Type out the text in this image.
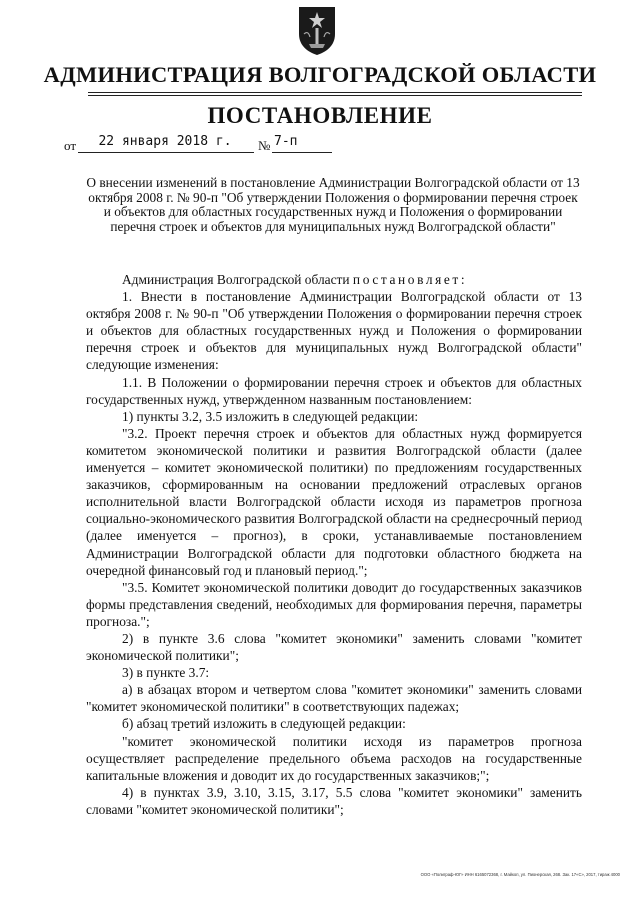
АДМИНИСТРАЦИЯ ВОЛГОГРАДСКОЙ ОБЛАСТИ
ПОСТАНОВЛЕНИЕ
от	22 января 2018 г.	№ 7-п
О внесении изменений в постановление Администрации Волгоградской области от 13 октября 2008 г. № 90-п "Об утверждении Положения о формировании перечня строек и объектов для областных государственных нужд и Положения о формировании перечня строек и объектов для муниципальных нужд Волгоградской области"

Администрация Волгоградской области постановляет:

1. Внести в постановление Администрации Волгоградской области от 13 октября 2008 г. № 90-п "Об утверждении Положения о формировании перечня строек и объектов для областных государственных нужд и Положения о формировании перечня строек и объектов для муниципальных нужд Волгоградской области" следующие изменения:

1.1. В Положении о формировании перечня строек и объектов для областных государственных нужд, утвержденном названным постановлением:

1) пункты 3.2, 3.5 изложить в следующей редакции:

"3.2. Проект перечня строек и объектов для областных нужд формируется комитетом экономической политики и развития Волгоградской области (далее именуется – комитет экономической политики) по предложениям государственных заказчиков, сформированным на основании предложений отраслевых органов исполнительной власти Волгоградской области исходя из параметров прогноза социально-экономического развития Волгоградской области на среднесрочный период (далее именуется – прогноз), в сроки, устанавливаемые постановлением Администрации Волгоградской области для подготовки областного бюджета на очередной финансовый год и плановый период.";

"3.5. Комитет экономической политики доводит до государственных заказчиков формы представления сведений, необходимых для формирования перечня, параметры прогноза.";

2) в пункте 3.6 слова "комитет экономики" заменить словами "комитет экономической политики";

3) в пункте 3.7:

а) в абзацах втором и четвертом слова "комитет экономики" заменить словами "комитет экономической политики" в соответствующих падежах;

б) абзац третий изложить в следующей редакции:

"комитет экономической политики исходя из параметров прогноза осуществляет распределение предельного объема расходов на государственные капитальные вложения и доводит их до государственных заказчиков;";

4) в пунктах 3.9, 3.10, 3.15, 3.17, 5.5 слова "комитет экономики" заменить словами "комитет экономической политики";

ООО «Полиграф-ЮГ» ИНН 6165072368, г. Майкоп, ул. Пионерская, 268. Зак. 17«С», 2017, тираж 4000
